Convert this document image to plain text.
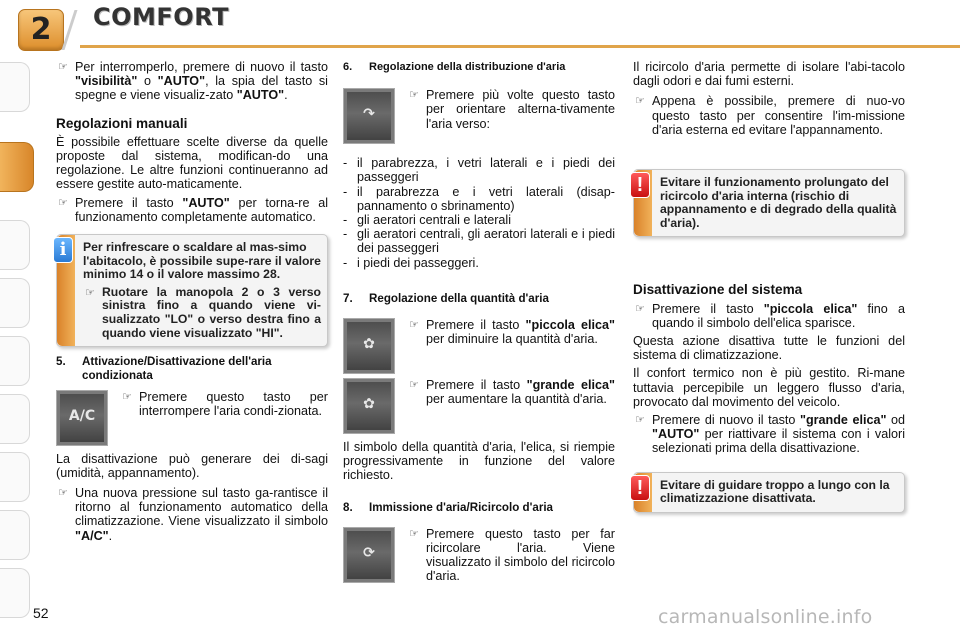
2	COMFORT
☞ Per interromperlo, premere di nuovo il tasto "visibilità" o "AUTO", la spia del tasto si spegne e viene visualiz-zato "AUTO".
Regolazioni manuali
È possibile effettuare scelte diverse da quelle proposte dal sistema, modifican-do una regolazione. Le altre funzioni continueranno ad essere gestite auto-maticamente.
☞ Premere il tasto "AUTO" per torna-re al funzionamento completamente automatico.
i	Per rinfrescare o scaldare al mas-simo l'abitacolo, è possibile supe-rare il valore minimo 14 o il valore massimo 28.
☞ Ruotare la manopola 2 o 3 verso sinistra fino a quando viene vi-sualizzato "LO" o verso destra fino a quando viene visualizzato "HI".
5.	Attivazione/Disattivazione dell'aria condizionata
A/C
☞ Premere questo tasto per interrompere l'aria condi-zionata.
La disattivazione può generare dei di-sagi (umidità, appannamento).
☞ Una nuova pressione sul tasto ga-rantisce il ritorno al funzionamento automatico della climatizzazione. Viene visualizzato il simbolo "A/C".
6.	Regolazione della distribuzione d'aria
↷
☞ Premere più volte questo tasto per orientare alterna-tivamente l'aria verso:
- il parabrezza, i vetri laterali e i piedi dei passeggeri
- il parabrezza e i vetri laterali (disap-pannamento o sbrinamento)
- gli aeratori centrali e laterali
- gli aeratori centrali, gli aeratori laterali e i piedi dei passeggeri
- i piedi dei passeggeri.
7.	Regolazione della quantità d'aria
✿
☞ Premere il tasto "piccola elica" per diminuire la quantità d'aria.
✿
☞ Premere il tasto "grande elica" per aumentare la quantità d'aria.
Il simbolo della quantità d'aria, l'elica, si riempie progressivamente in funzione del valore richiesto.
8.	Immissione d'aria/Ricircolo d'aria
⟳
☞ Premere questo tasto per far ricircolare l'aria. Viene visualizzato il simbolo del ricircolo d'aria.
Il ricircolo d'aria permette di isolare l'abi-tacolo dagli odori e dai fumi esterni.
☞ Appena è possibile, premere di nuo-vo questo tasto per consentire l'im-missione d'aria esterna ed evitare l'appannamento.
!	Evitare il funzionamento prolungato del ricircolo d'aria interna (rischio di appannamento e di degrado della qualità d'aria).
Disattivazione del sistema
☞ Premere il tasto "piccola elica" fino a quando il simbolo dell'elica sparisce.
Questa azione disattiva tutte le funzioni del sistema di climatizzazione.
Il confort termico non è più gestito. Ri-mane tuttavia percepibile un leggero flusso d'aria, provocato dal movimento del veicolo.
☞ Premere di nuovo il tasto "grande elica" od "AUTO" per riattivare il sistema con i valori selezionati prima della disattivazione.
!	Evitare di guidare troppo a lungo con la climatizzazione disattivata.
52	carmanualsonline.info
